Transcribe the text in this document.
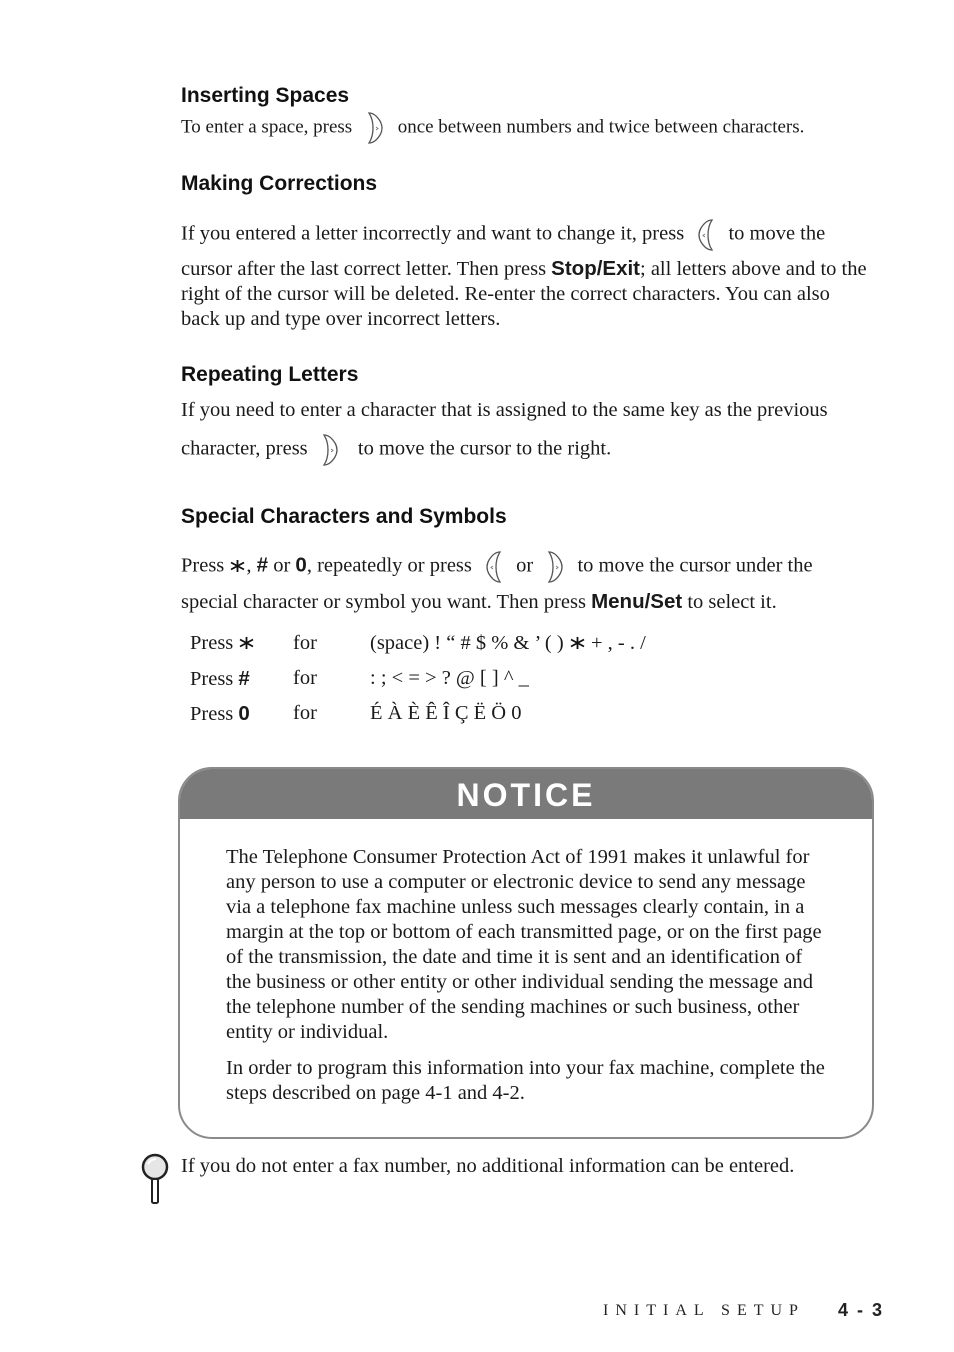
Inserting Spaces
To enter a space, press once between numbers and twice between characters.
Making Corrections
If you entered a letter incorrectly and want to change it, press to move the
cursor after the last correct letter. Then press Stop/Exit; all letters above and to the right of the cursor will be deleted. Re-enter the correct characters. You can also back up and type over incorrect letters.
Repeating Letters
If you need to enter a character that is assigned to the same key as the previous
character, press to move the cursor to the right.
Special Characters and Symbols
Press , # or 0, repeatedly or press or to move the cursor under the
special character or symbol you want. Then press Menu/Set to select it.
Press	for	(space) ! “ # $ % & ’ ( ) + , - . /
Press # for	: ; < = > ? @ [ ] ^ _
Press 0 for	É À È Ê Î Ç Ë Ö 0
NOTICE

The Telephone Consumer Protection Act of 1991 makes it unlawful for any person to use a computer or electronic device to send any message via a telephone fax machine unless such messages clearly contain, in a margin at the top or bottom of each transmitted page, or on the first page of the transmission, the date and time it is sent and an identification of the business or other entity or other individual sending the message and the telephone number of the sending machines or such business, other entity or individual.

In order to program this information into your fax machine, complete the steps described on page 4-1 and 4-2.

If you do not enter a fax number, no additional information can be entered.
INITIAL SETUP 4 - 3
